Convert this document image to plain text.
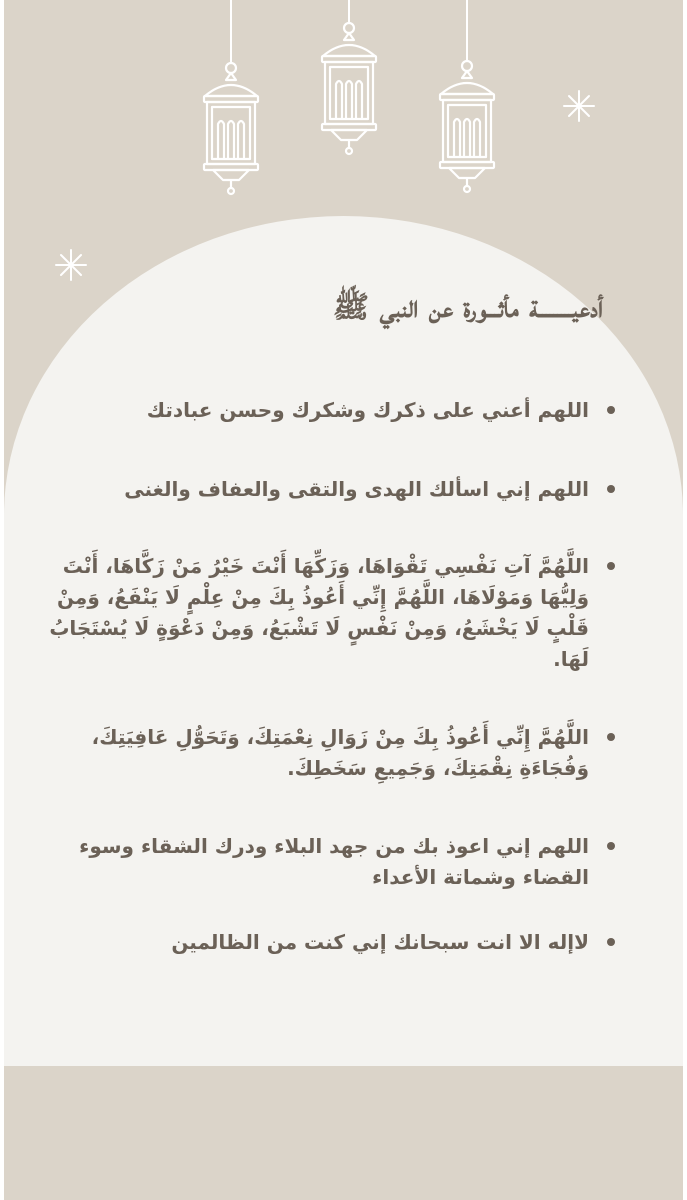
أدعيـــــــــة مأثـــورة عن النبي ﷺ
اللهم أعني على ذكرك وشكرك وحسن عبادتك
اللهم إني اسألك الهدى والتقى والعفاف والغنى
اللَّهُمَّ آتِ نَفْسِي تَقْوَاهَا، وَزَكِّهَا أَنْتَ خَيْرُ مَنْ زَكَّاهَا، أَنْتَ وَلِيُّهَا وَمَوْلَاهَا، اللَّهُمَّ إِنِّي أَعُوذُ بِكَ مِنْ عِلْمٍ لَا يَنْفَعُ، وَمِنْ قَلْبٍ لَا يَخْشَعُ، وَمِنْ نَفْسٍ لَا تَشْبَعُ، وَمِنْ دَعْوَةٍ لَا يُسْتَجَابُ لَهَا.
اللَّهُمَّ إِنِّي أَعُوذُ بِكَ مِنْ زَوَالِ نِعْمَتِكَ، وَتَحَوُّلِ عَافِيَتِكَ، وَفُجَاءَةِ نِقْمَتِكَ، وَجَمِيعِ سَخَطِكَ.
اللهم إني اعوذ بك من جهد البلاء ودرك الشقاء وسوء القضاء وشماتة الأعداء
لاإله الا انت سبحانك إني كنت من الظالمين
